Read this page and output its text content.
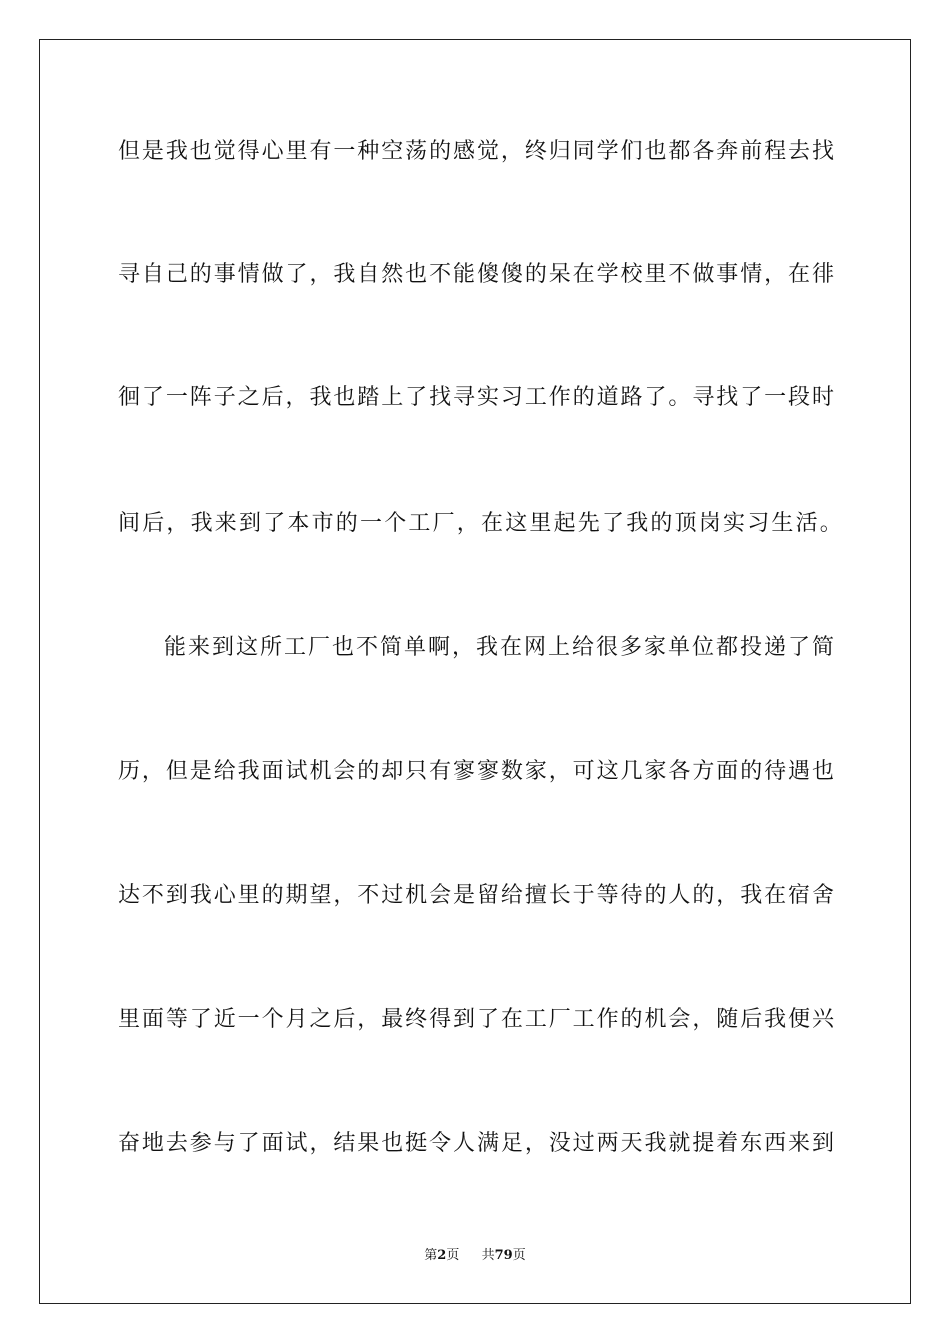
但是我也觉得心里有一种空荡的感觉，终归同学们也都各奔前程去找
寻自己的事情做了，我自然也不能傻傻的呆在学校里不做事情，在徘
徊了一阵子之后，我也踏上了找寻实习工作的道路了。寻找了一段时
间后，我来到了本市的一个工厂，在这里起先了我的顶岗实习生活。
能来到这所工厂也不简单啊，我在网上给很多家单位都投递了简
历，但是给我面试机会的却只有寥寥数家，可这几家各方面的待遇也
达不到我心里的期望，不过机会是留给擅长于等待的人的，我在宿舍
里面等了近一个月之后，最终得到了在工厂工作的机会，随后我便兴
奋地去参与了面试，结果也挺令人满足，没过两天我就提着东西来到
第2页 共79页
